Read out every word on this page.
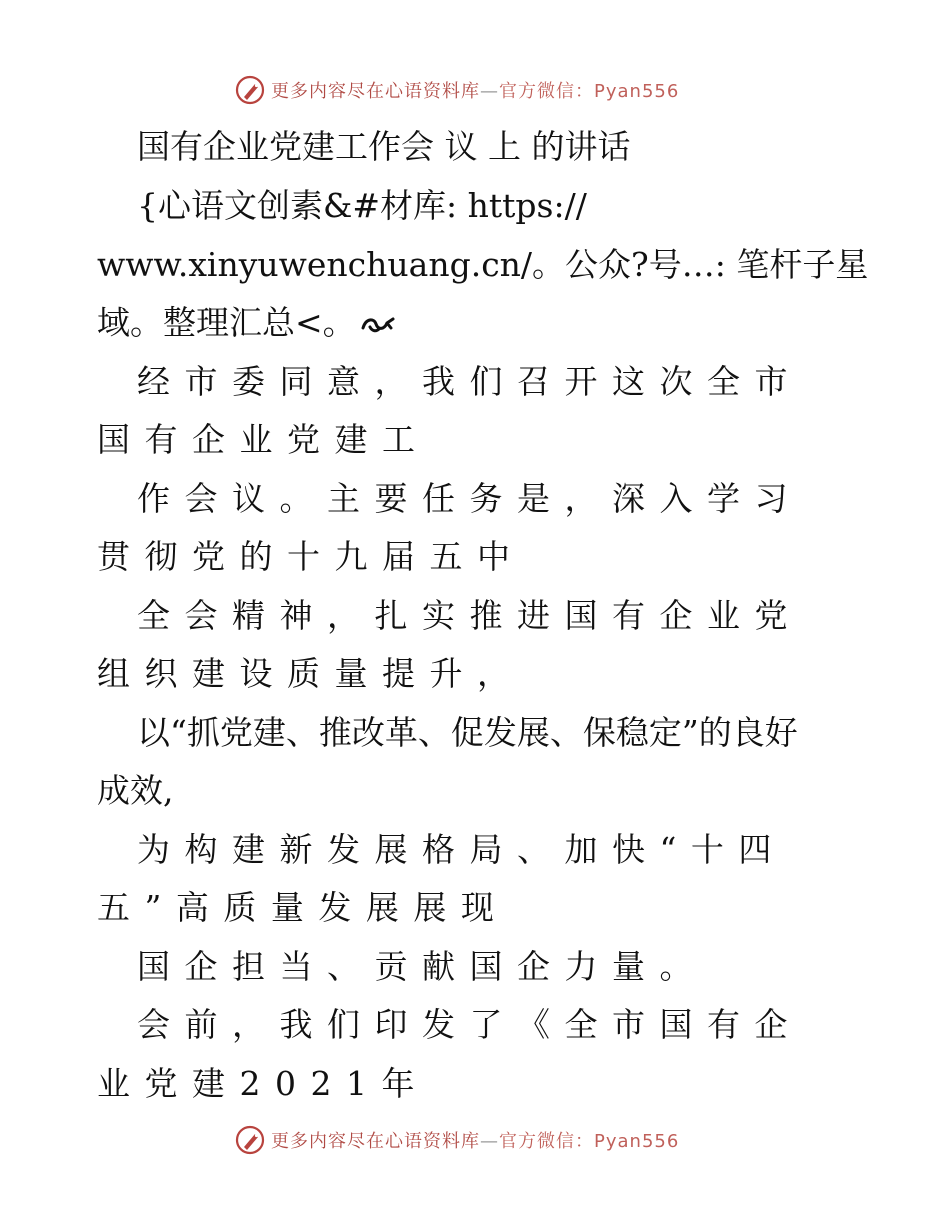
更多内容尽在心语资料库—官方微信：Pyan556
国有企业党建工作会 议 上 的讲话
{心语文创素&#材库: https://
www.xinyuwenchuang.cn/。公众?号…: 笔杆子星
域。整理汇总<。
经市委同意，我们召开这次全市
国有企业党建工
作会议。主要任务是，深入学习
贯彻党的十九届五中
全会精神，扎实推进国有企业党
组织建设质量提升，
以“抓党建、推改革、促发展、保稳定”的良好
成效,
为构建新发展格局、加快“十四
五”高质量发展展现
国企担当、贡献国企力量。
会前，我们印发了《全市国有企
业党建2021年
更多内容尽在心语资料库—官方微信：Pyan556
